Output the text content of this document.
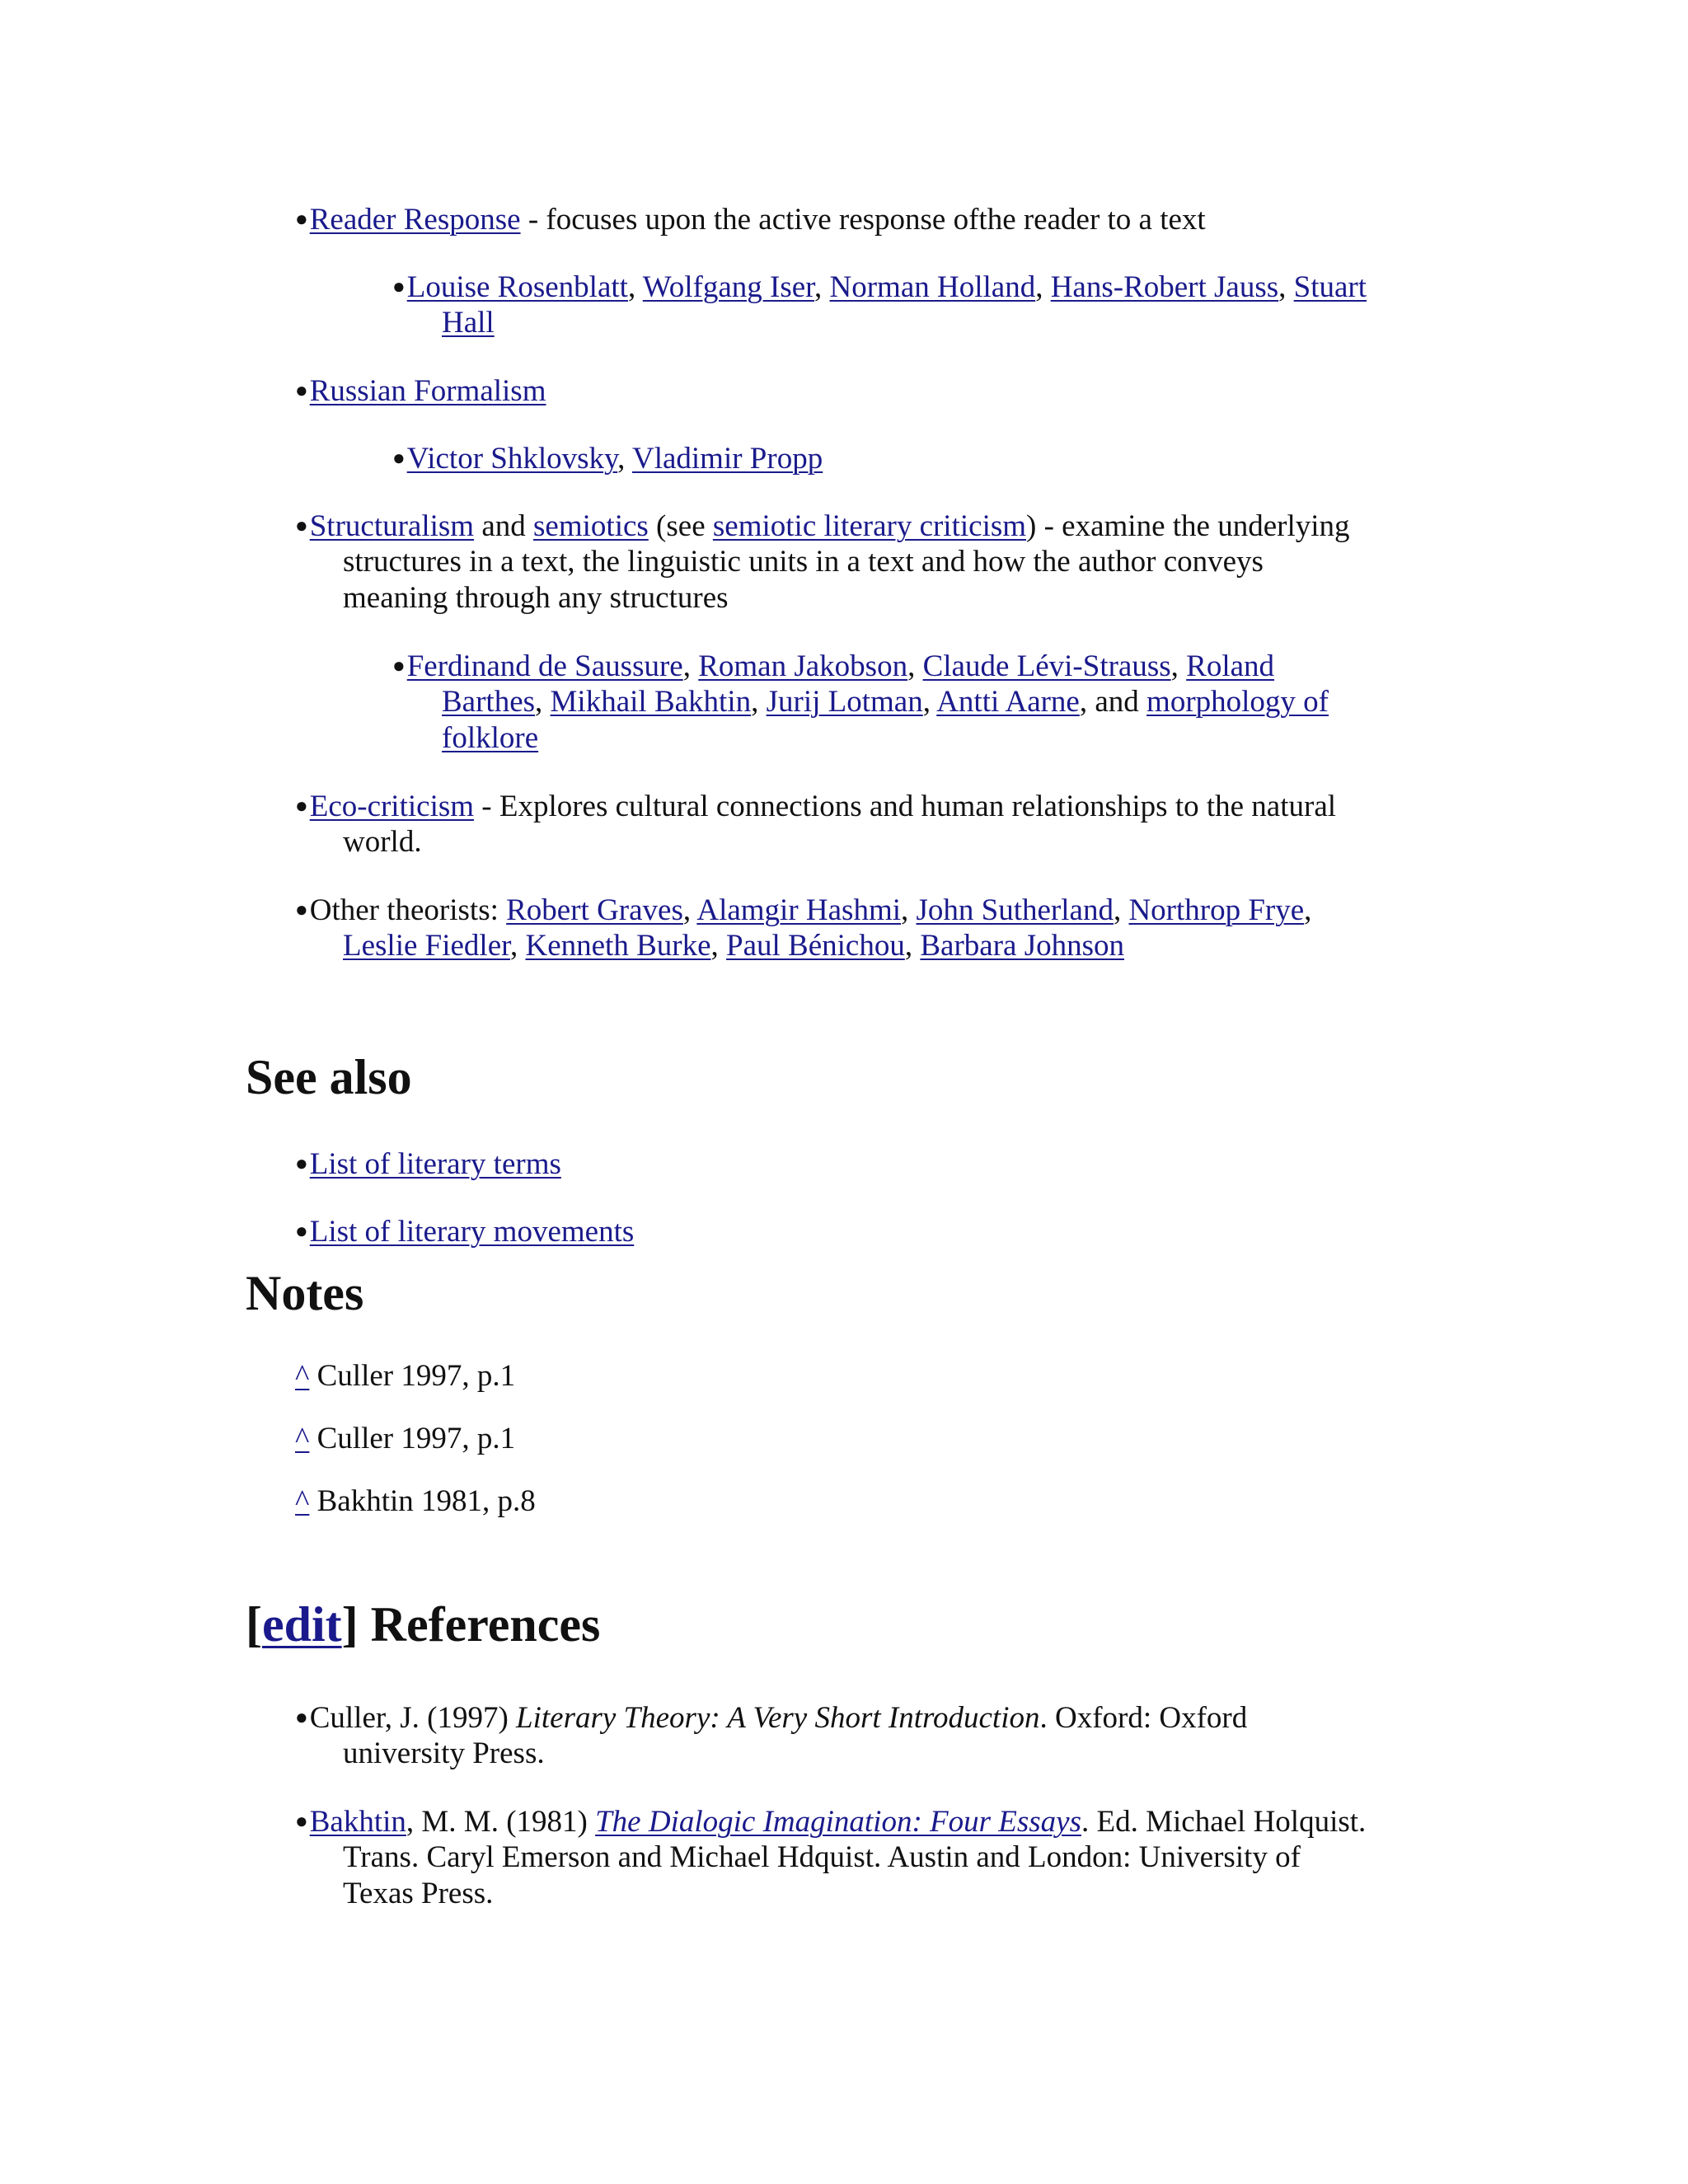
●Reader Response - focuses upon the active response ofthe reader to a text
●Louise Rosenblatt, Wolfgang Iser, Norman Holland, Hans-Robert Jauss, Stuart
Hall
●Russian Formalism
●Victor Shklovsky, Vladimir Propp
●Structuralism and semiotics (see semiotic literary criticism) - examine the underlying
structures in a text, the linguistic units in a text and how the author conveys
meaning through any structures
●Ferdinand de Saussure, Roman Jakobson, Claude Lévi-Strauss, Roland
Barthes, Mikhail Bakhtin, Jurij Lotman, Antti Aarne, and morphology of
folklore
●Eco-criticism - Explores cultural connections and human relationships to the natural
world.
●Other theorists: Robert Graves, Alamgir Hashmi, John Sutherland, Northrop Frye,
Leslie Fiedler, Kenneth Burke, Paul Bénichou, Barbara Johnson
See also
●List of literary terms
●List of literary movements
Notes
^ Culler 1997, p.1
^ Culler 1997, p.1
^ Bakhtin 1981, p.8
[edit] References
●Culler, J. (1997) Literary Theory: A Very Short Introduction. Oxford: Oxford
university Press.
●Bakhtin, M. M. (1981) The Dialogic Imagination: Four Essays. Ed. Michael Holquist.
Trans. Caryl Emerson and Michael Hdquist. Austin and London: University of
Texas Press.
